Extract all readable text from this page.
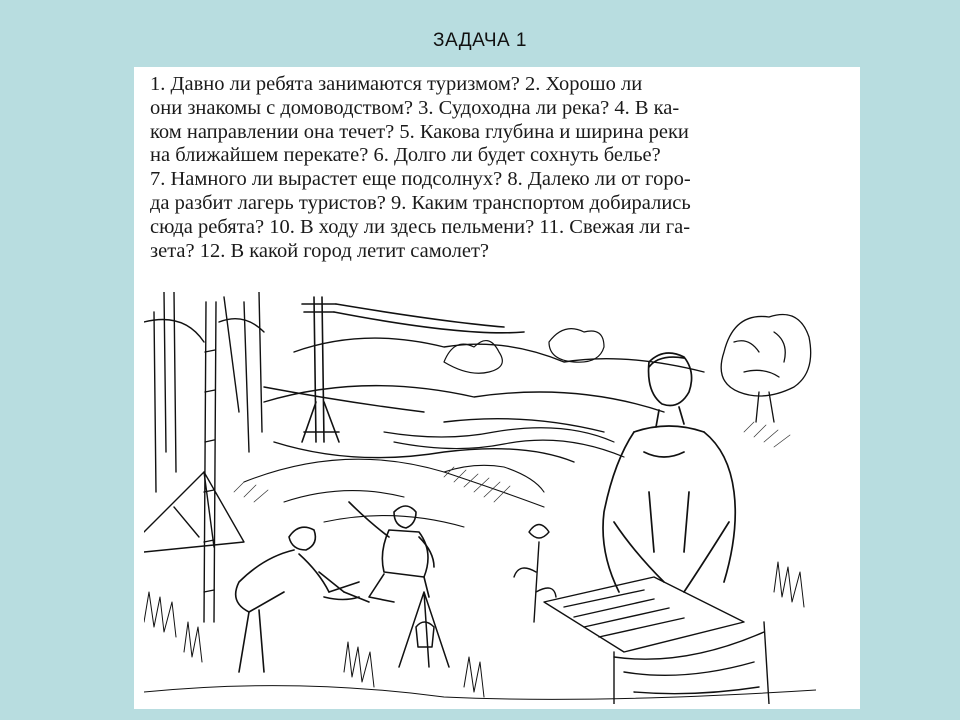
ЗАДАЧА 1
1. Давно ли ребята занимаются туризмом? 2. Хорошо ли
они знакомы с домоводством? 3. Судоходна ли река? 4. В ка-
ком направлении она течет? 5. Какова глубина и ширина реки
на ближайшем перекате? 6. Долго ли будет сохнуть белье?
7. Намного ли вырастет еще подсолнух? 8. Далеко ли от горо-
да разбит лагерь туристов? 9. Каким транспортом добирались
сюда ребята? 10. В ходу ли здесь пельмени? 11. Свежая ли га-
зета? 12. В какой город летит самолет?
